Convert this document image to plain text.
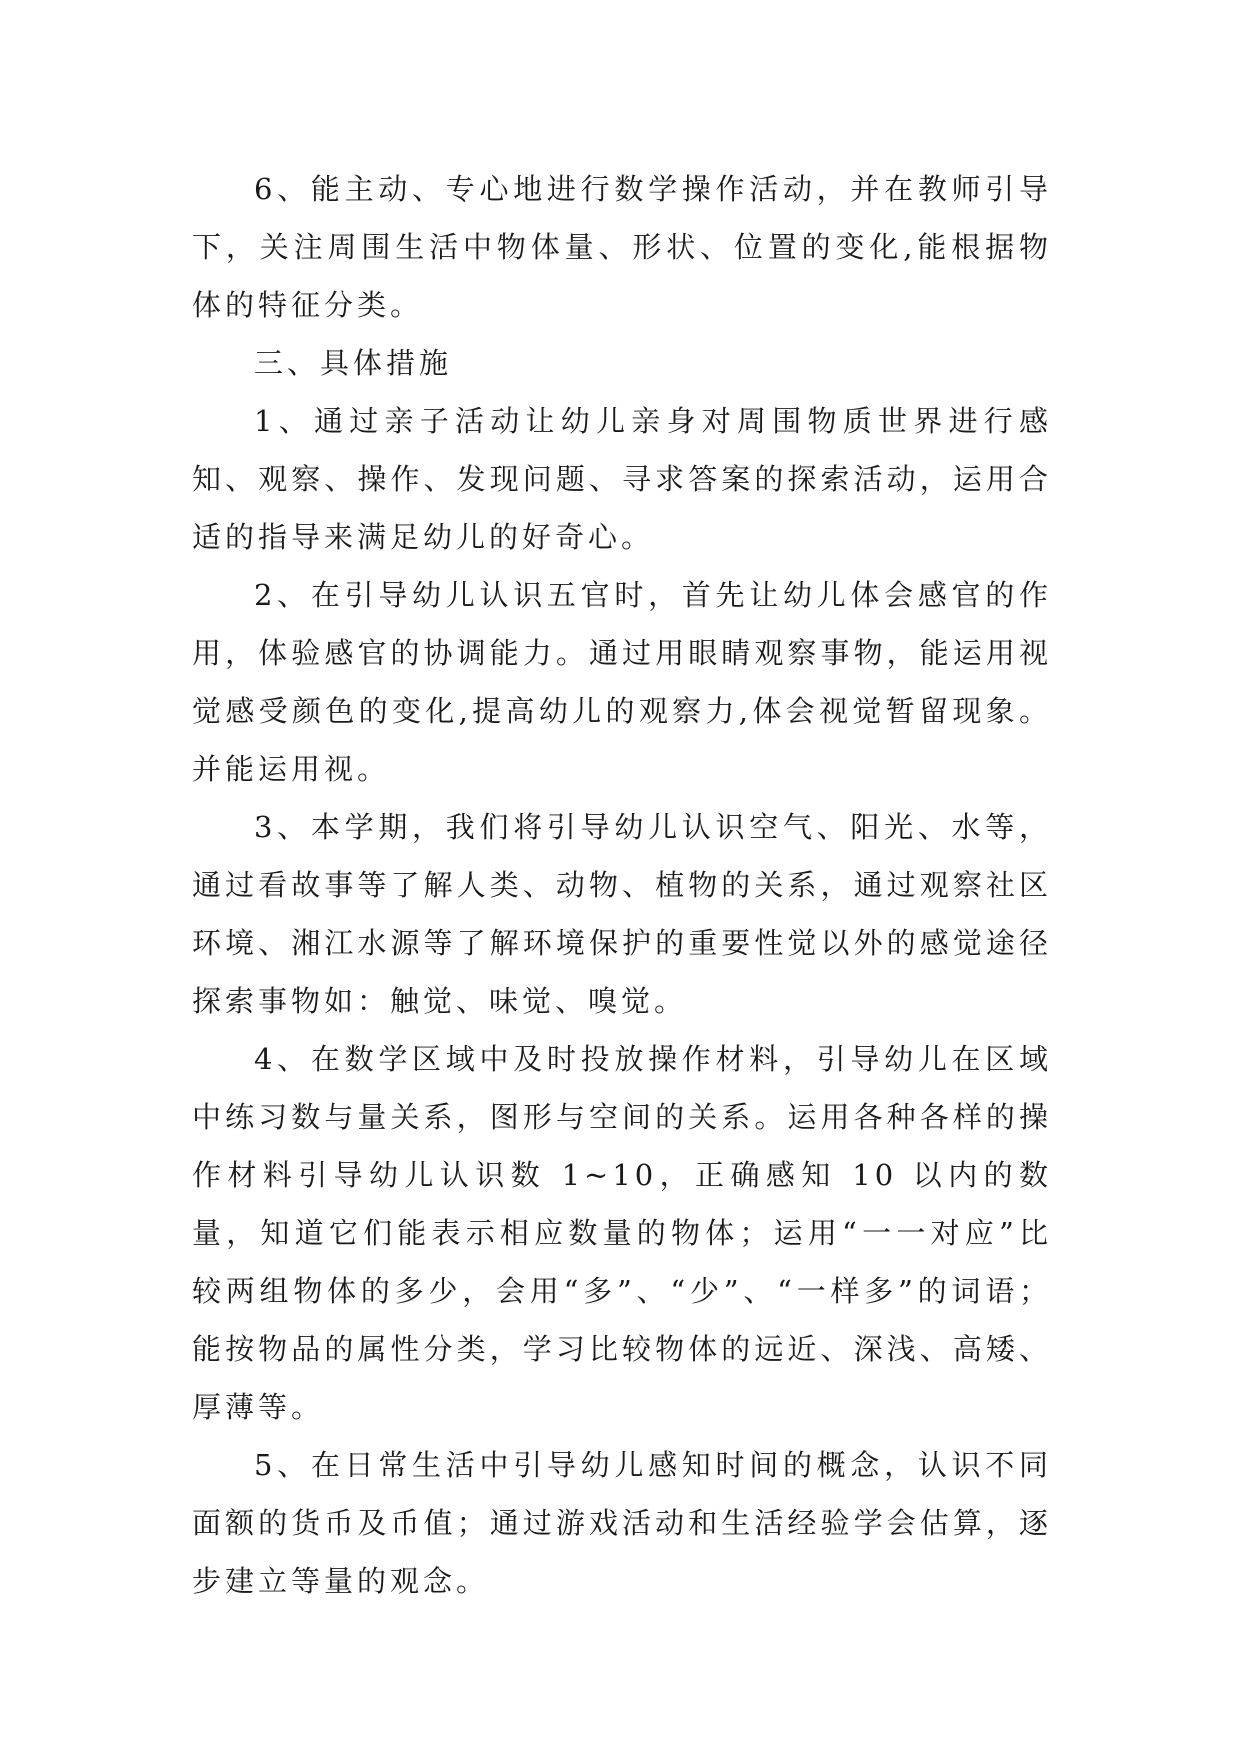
6、能主动、专心地进行数学操作活动，并在教师引导下，关注周围生活中物体量、形状、位置的变化,能根据物体的特征分类。

三、具体措施

1、通过亲子活动让幼儿亲身对周围物质世界进行感知、观察、操作、发现问题、寻求答案的探索活动，运用合适的指导来满足幼儿的好奇心。

2、在引导幼儿认识五官时，首先让幼儿体会感官的作用，体验感官的协调能力。通过用眼睛观察事物，能运用视觉感受颜色的变化,提高幼儿的观察力,体会视觉暂留现象。并能运用视。

3、本学期，我们将引导幼儿认识空气、阳光、水等，通过看故事等了解人类、动物、植物的关系，通过观察社区环境、湘江水源等了解环境保护的重要性觉以外的感觉途径探索事物如：触觉、味觉、嗅觉。

4、在数学区域中及时投放操作材料，引导幼儿在区域中练习数与量关系，图形与空间的关系。运用各种各样的操作材料引导幼儿认识数 1~10，正确感知 10 以内的数量，知道它们能表示相应数量的物体；运用“一一对应”比较两组物体的多少，会用“多”、“少”、“一样多”的词语；能按物品的属性分类，学习比较物体的远近、深浅、高矮、厚薄等。

5、在日常生活中引导幼儿感知时间的概念，认识不同面额的货币及币值；通过游戏活动和生活经验学会估算，逐步建立等量的观念。
